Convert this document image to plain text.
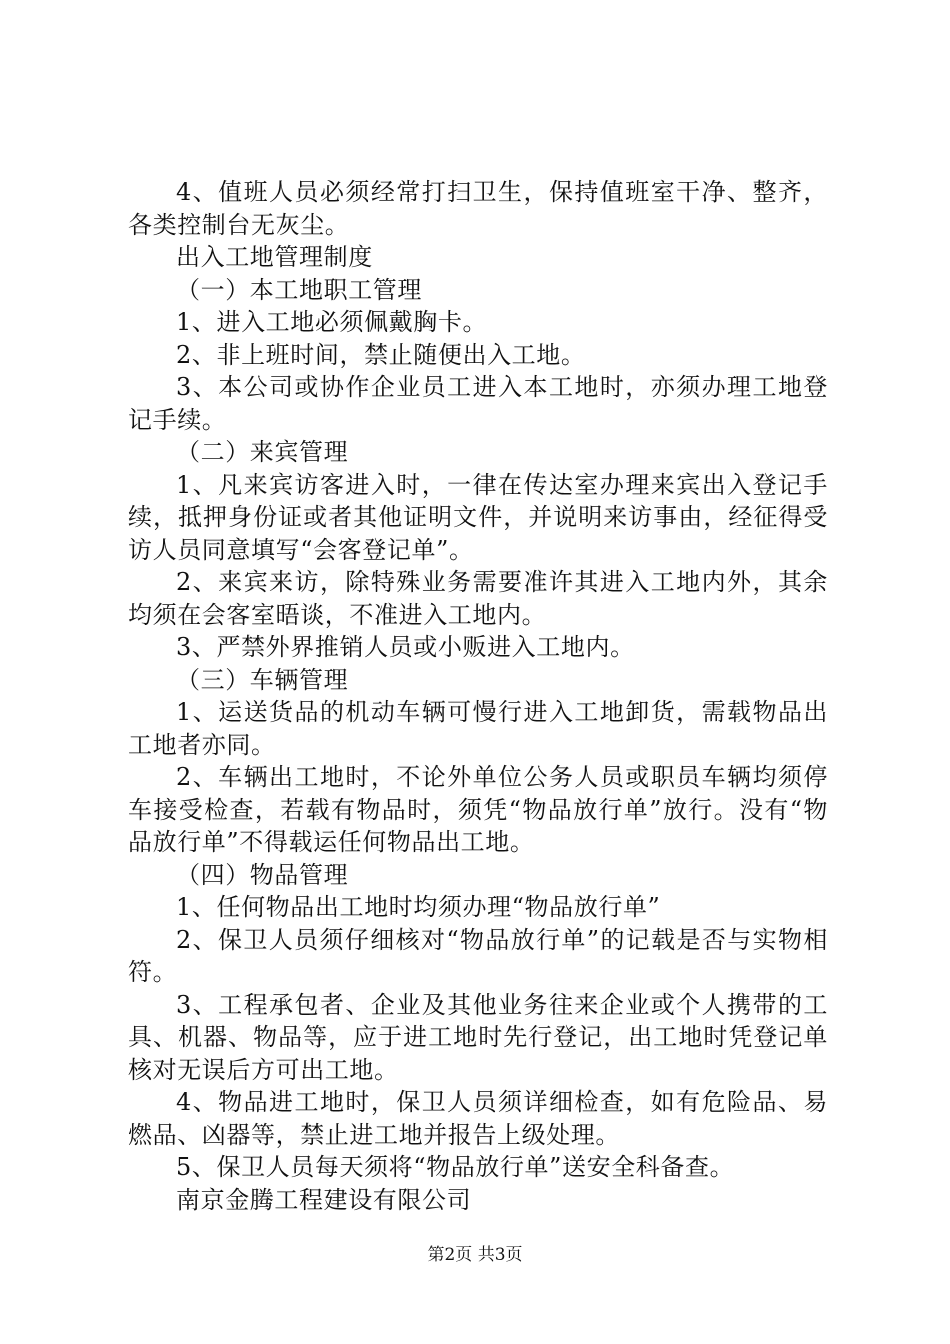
4、值班人员必须经常打扫卫生，保持值班室干净、整齐，各类控制台无灰尘。

出入工地管理制度

（一）本工地职工管理

1、进入工地必须佩戴胸卡。

2、非上班时间，禁止随便出入工地。

3、本公司或协作企业员工进入本工地时，亦须办理工地登记手续。

（二）来宾管理

1、凡来宾访客进入时，一律在传达室办理来宾出入登记手续，抵押身份证或者其他证明文件，并说明来访事由，经征得受访人员同意填写“会客登记单”。

2、来宾来访，除特殊业务需要准许其进入工地内外，其余均须在会客室晤谈，不准进入工地内。

3、严禁外界推销人员或小贩进入工地内。

（三）车辆管理

1、运送货品的机动车辆可慢行进入工地卸货，需载物品出工地者亦同。

2、车辆出工地时，不论外单位公务人员或职员车辆均须停车接受检查，若载有物品时，须凭“物品放行单”放行。没有“物品放行单”不得载运任何物品出工地。

（四）物品管理

1、任何物品出工地时均须办理“物品放行单”

2、保卫人员须仔细核对“物品放行单”的记载是否与实物相符。

3、工程承包者、企业及其他业务往来企业或个人携带的工具、机器、物品等，应于进工地时先行登记，出工地时凭登记单核对无误后方可出工地。

4、物品进工地时，保卫人员须详细检查，如有危险品、易燃品、凶器等，禁止进工地并报告上级处理。

5、保卫人员每天须将“物品放行单”送安全科备查。

南京金腾工程建设有限公司

第2页 共3页
